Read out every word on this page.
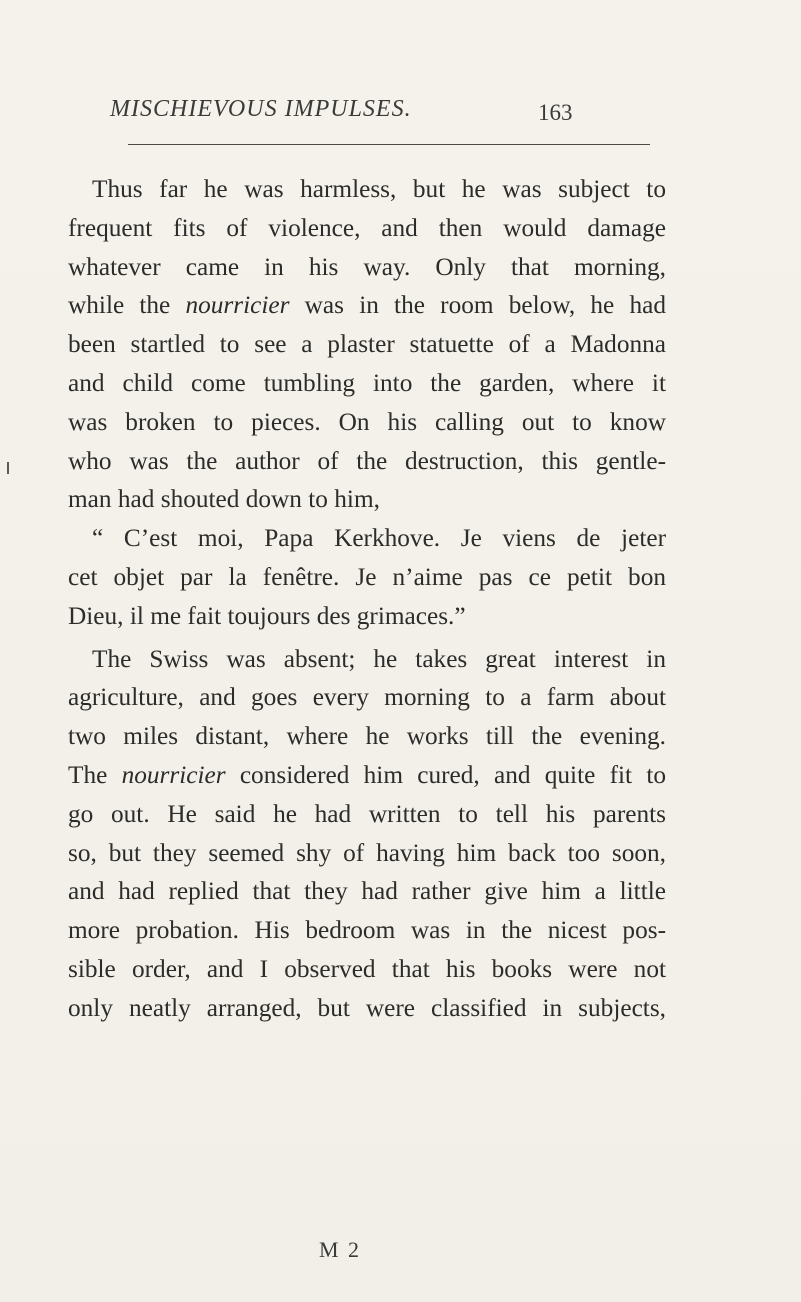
MISCHIEVOUS IMPULSES.	163
Thus far he was harmless, but he was subject to
frequent fits of violence, and then would damage
whatever came in his way. Only that morning,
while the nourricier was in the room below, he had
been startled to see a plaster statuette of a Madonna
and child come tumbling into the garden, where it
was broken to pieces. On his calling out to know
who was the author of the destruction, this gentle-
man had shouted down to him,
“ C’est moi, Papa Kerkhove. Je viens de jeter
cet objet par la fenêtre. Je n’aime pas ce petit bon
Dieu, il me fait toujours des grimaces.”
The Swiss was absent; he takes great interest in
agriculture, and goes every morning to a farm about
two miles distant, where he works till the evening.
The nourricier considered him cured, and quite fit to
go out. He said he had written to tell his parents
so, but they seemed shy of having him back too soon,
and had replied that they had rather give him a little
more probation. His bedroom was in the nicest pos-
sible order, and I observed that his books were not
only neatly arranged, but were classified in subjects,
M 2
